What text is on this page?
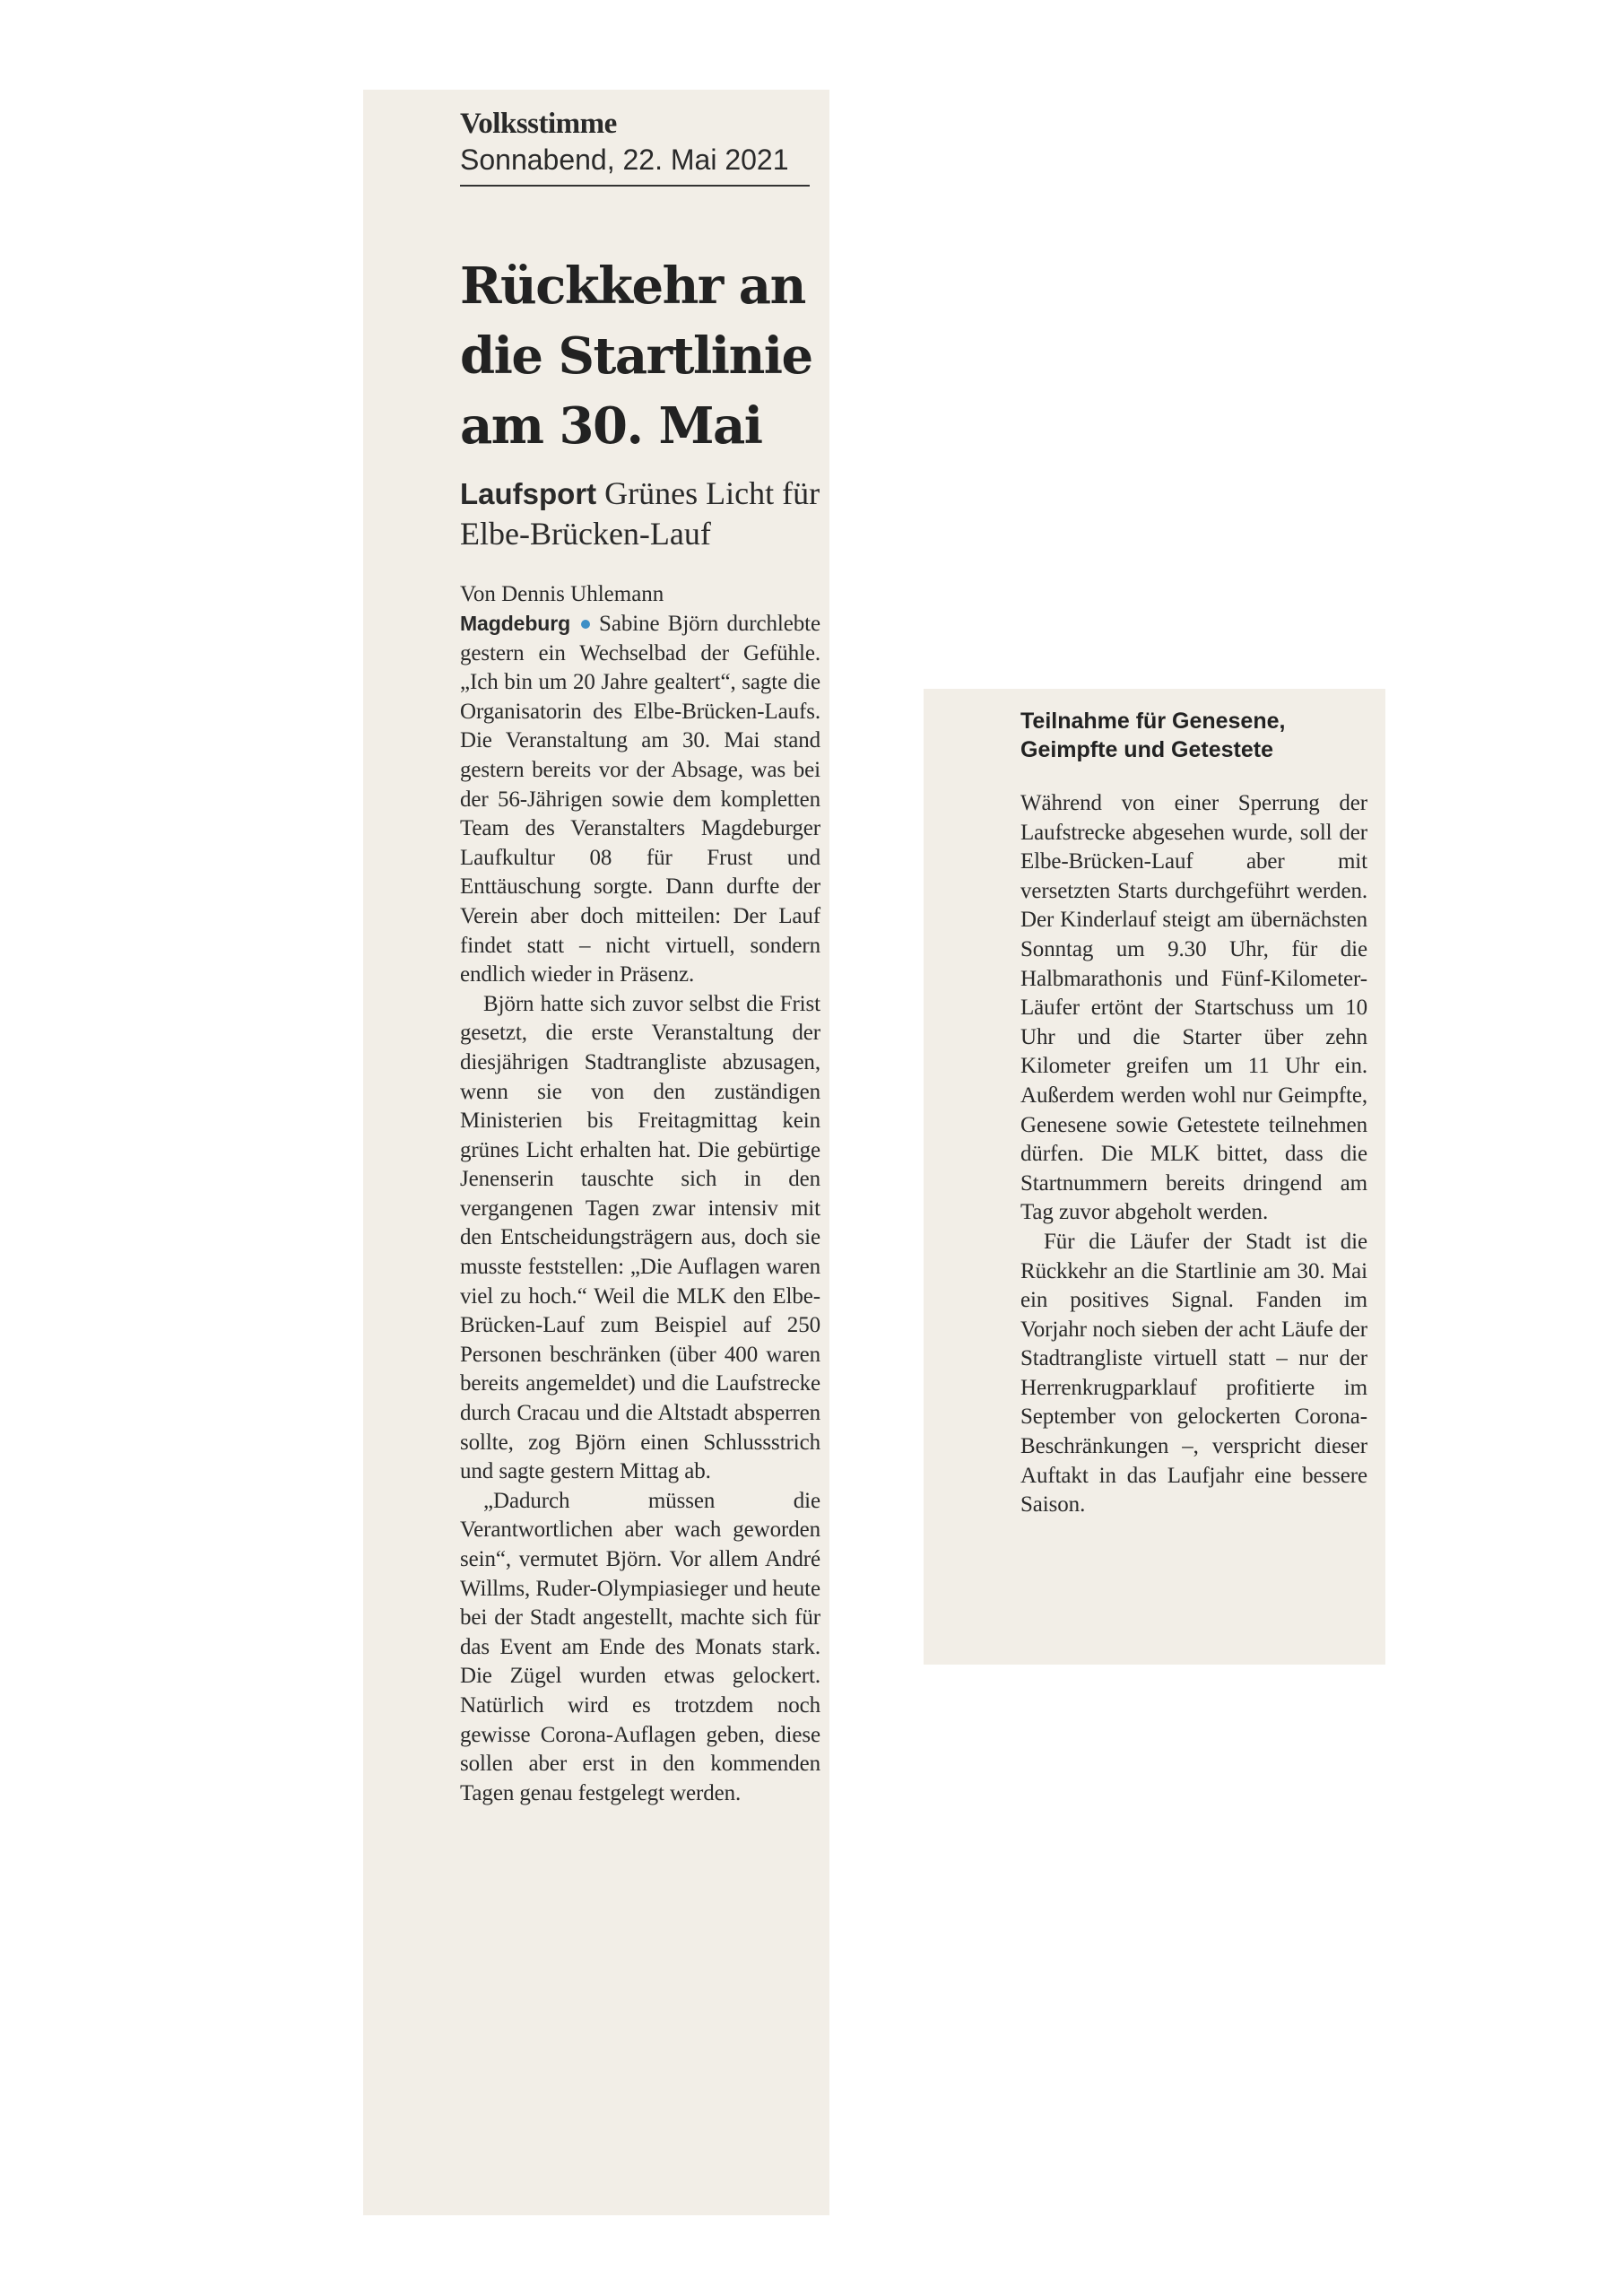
Volksstimme

Sonnabend, 22. Mai 2021

Rückkehr an
die Startlinie
am 30. Mai

Laufsport Grünes Licht für Elbe-Brücken-Lauf

Von Dennis Uhlemann

Magdeburg Sabine Björn durchlebte gestern ein Wechselbad der Gefühle. „Ich bin um 20 Jahre gealtert“, sagte die Organisatorin des Elbe-Brücken-Laufs. Die Veranstaltung am 30. Mai stand gestern bereits vor der Absage, was bei der 56-Jährigen sowie dem kompletten Team des Veranstalters Magdeburger Laufkultur 08 für Frust und Enttäuschung sorgte. Dann durfte der Verein aber doch mitteilen: Der Lauf findet statt – nicht virtuell, sondern endlich wieder in Präsenz.

Björn hatte sich zuvor selbst die Frist gesetzt, die erste Veranstaltung der diesjährigen Stadtrangliste abzusagen, wenn sie von den zuständigen Ministerien bis Freitagmittag kein grünes Licht erhalten hat. Die gebürtige Jenenserin tauschte sich in den vergangenen Tagen zwar intensiv mit den Entscheidungsträgern aus, doch sie musste feststellen: „Die Auflagen waren viel zu hoch.“ Weil die MLK den Elbe-Brücken-Lauf zum Beispiel auf 250 Personen beschränken (über 400 waren bereits angemeldet) und die Laufstrecke durch Cracau und die Altstadt absperren sollte, zog Björn einen Schlussstrich und sagte gestern Mittag ab.

„Dadurch müssen die Verantwortlichen aber wach geworden sein“, vermutet Björn. Vor allem André Willms, Ruder-Olympiasieger und heute bei der Stadt angestellt, machte sich für das Event am Ende des Monats stark. Die Zügel wurden etwas gelockert. Natürlich wird es trotzdem noch gewisse Corona-Auflagen geben, diese sollen aber erst in den kommenden Tagen genau festgelegt werden.

Teilnahme für Genesene, Geimpfte und Getestete

Während von einer Sperrung der Laufstrecke abgesehen wurde, soll der Elbe-Brücken-Lauf aber mit versetzten Starts durchgeführt werden. Der Kinderlauf steigt am übernächsten Sonntag um 9.30 Uhr, für die Halbmarathonis und Fünf-Kilometer-Läufer ertönt der Startschuss um 10 Uhr und die Starter über zehn Kilometer greifen um 11 Uhr ein. Außerdem werden wohl nur Geimpfte, Genesene sowie Getestete teilnehmen dürfen. Die MLK bittet, dass die Startnummern bereits dringend am Tag zuvor abgeholt werden.

Für die Läufer der Stadt ist die Rückkehr an die Startlinie am 30. Mai ein positives Signal. Fanden im Vorjahr noch sieben der acht Läufe der Stadtrangliste virtuell statt – nur der Herrenkrugparklauf profitierte im September von gelockerten Corona-Beschränkungen –, verspricht dieser Auftakt in das Laufjahr eine bessere Saison.
